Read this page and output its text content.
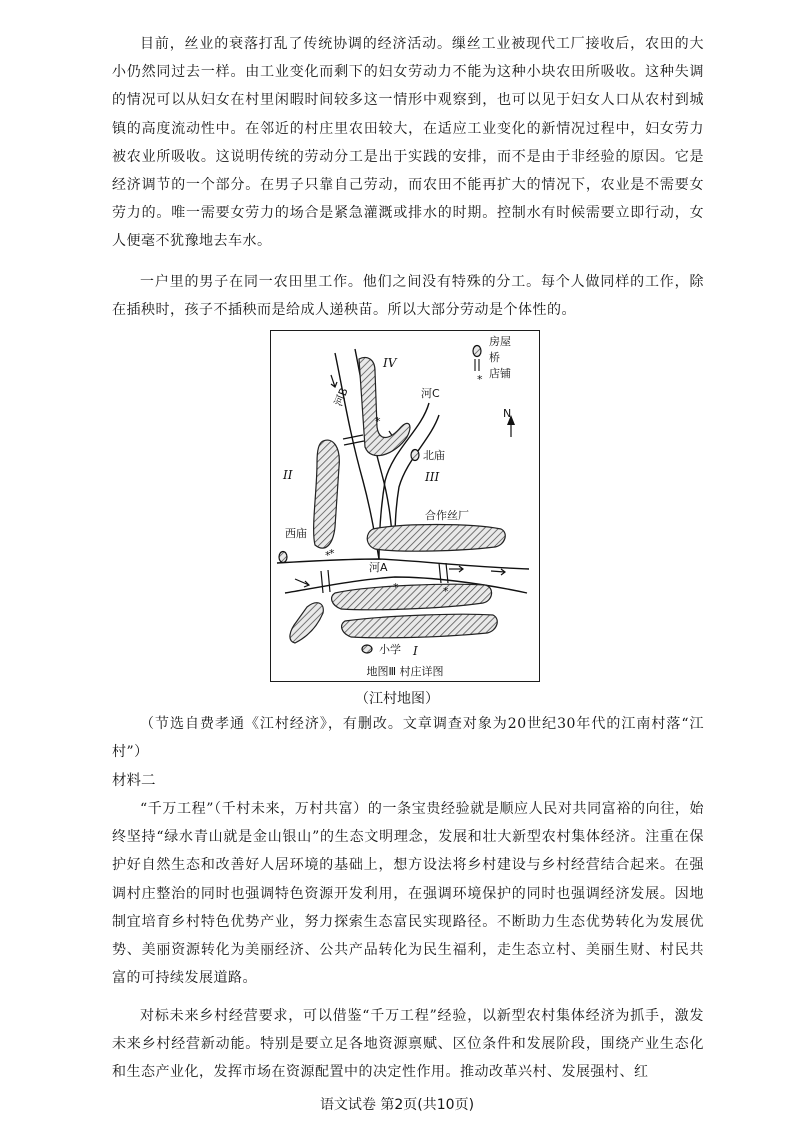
目前，丝业的衰落打乱了传统协调的经济活动。缫丝工业被现代工厂接收后，农田的大小仍然同过去一样。由工业变化而剩下的妇女劳动力不能为这种小块农田所吸收。这种失调的情况可以从妇女在村里闲暇时间较多这一情形中观察到，也可以见于妇女人口从农村到城镇的高度流动性中。在邻近的村庄里农田较大，在适应工业变化的新情况过程中，妇女劳力被农业所吸收。这说明传统的劳动分工是出于实践的安排，而不是由于非经验的原因。它是经济调节的一个部分。在男子只靠自己劳动，而农田不能再扩大的情况下，农业是不需要女劳力的。唯一需要女劳力的场合是紧急灌溉或排水的时期。控制水有时候需要立即行动，女人便毫不犹豫地去车水。

一户里的男子在同一农田里工作。他们之间没有特殊的分工。每个人做同样的工作，除在插秧时，孩子不插秧而是给成人递秧苗。所以大部分劳动是个体性的。

*
*
*	*
*
*
房屋
桥
店铺
N
河B	河C
河A
北庙
西庙
合作丝厂
小学 I
II	III
IV
地图Ⅲ 村庄详图

（江村地图）

（节选自费孝通《江村经济》，有删改。文章调查对象为20世纪30年代的江南村落“江村”）

材料二

“千万工程”（千村未来，万村共富）的一条宝贵经验就是顺应人民对共同富裕的向往，始终坚持“绿水青山就是金山银山”的生态文明理念，发展和壮大新型农村集体经济。注重在保护好自然生态和改善好人居环境的基础上，想方设法将乡村建设与乡村经营结合起来。在强调村庄整治的同时也强调特色资源开发利用，在强调环境保护的同时也强调经济发展。因地制宜培育乡村特色优势产业，努力探索生态富民实现路径。不断助力生态优势转化为发展优势、美丽资源转化为美丽经济、公共产品转化为民生福利，走生态立村、美丽生财、村民共富的可持续发展道路。

对标未来乡村经营要求，可以借鉴“千万工程”经验，以新型农村集体经济为抓手，激发未来乡村经营新动能。特别是要立足各地资源禀赋、区位条件和发展阶段，围绕产业生态化和生态产业化，发挥市场在资源配置中的决定性作用。推动改革兴村、发展强村、红

语文试卷 第2页(共10页)
